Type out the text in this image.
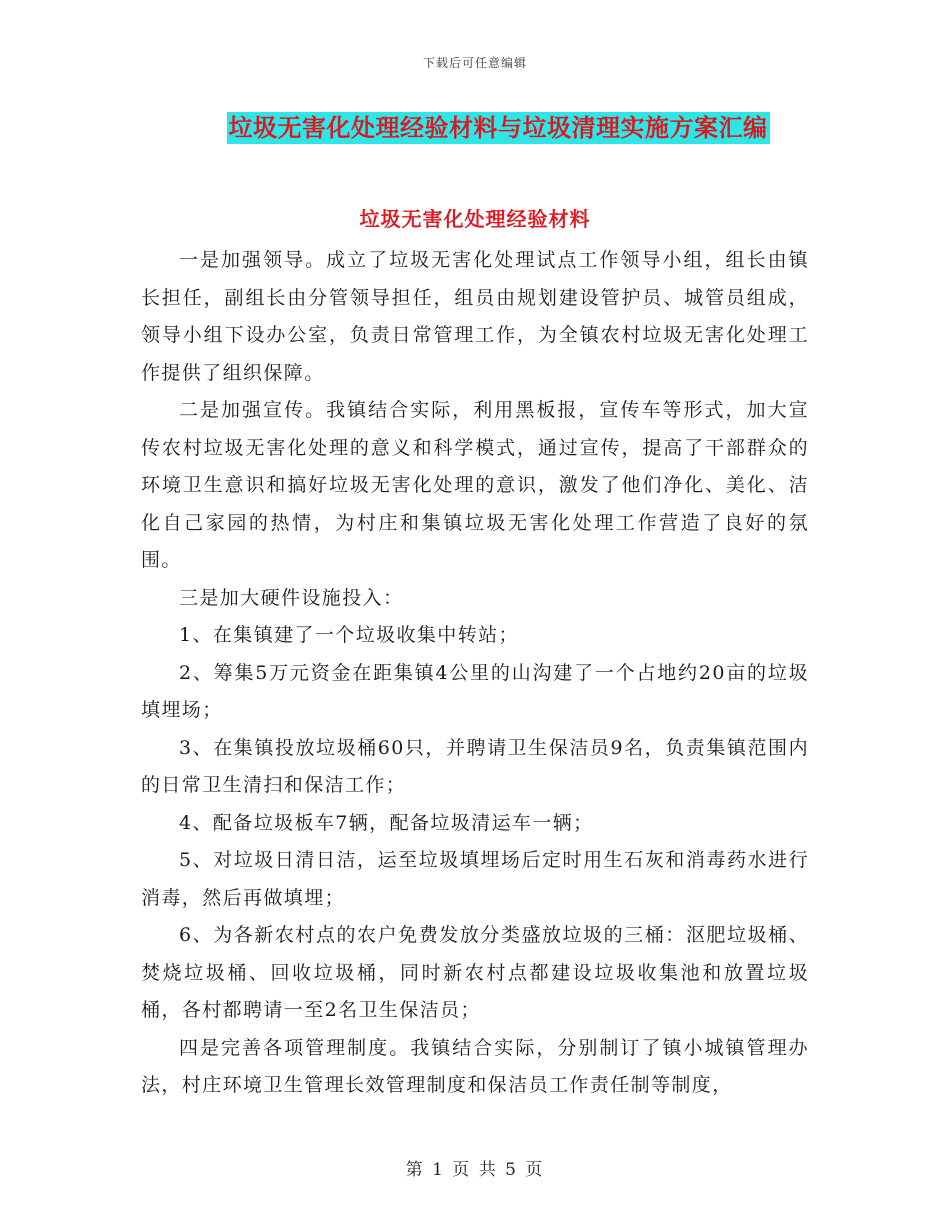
下载后可任意编辑
垃圾无害化处理经验材料与垃圾清理实施方案汇编
垃圾无害化处理经验材料

一是加强领导。成立了垃圾无害化处理试点工作领导小组，组长由镇长担任，副组长由分管领导担任，组员由规划建设管护员、城管员组成，领导小组下设办公室，负责日常管理工作，为全镇农村垃圾无害化处理工作提供了组织保障。

二是加强宣传。我镇结合实际，利用黑板报，宣传车等形式，加大宣传农村垃圾无害化处理的意义和科学模式，通过宣传，提高了干部群众的环境卫生意识和搞好垃圾无害化处理的意识，激发了他们净化、美化、洁化自己家园的热情，为村庄和集镇垃圾无害化处理工作营造了良好的氛围。

三是加大硬件设施投入：

1、在集镇建了一个垃圾收集中转站；

2、筹集5万元资金在距集镇4公里的山沟建了一个占地约20亩的垃圾填埋场；

3、在集镇投放垃圾桶60只，并聘请卫生保洁员9名，负责集镇范围内的日常卫生清扫和保洁工作；

4、配备垃圾板车7辆，配备垃圾清运车一辆；

5、对垃圾日清日洁，运至垃圾填埋场后定时用生石灰和消毒药水进行消毒，然后再做填埋；

6、为各新农村点的农户免费发放分类盛放垃圾的三桶：沤肥垃圾桶、焚烧垃圾桶、回收垃圾桶，同时新农村点都建设垃圾收集池和放置垃圾桶，各村都聘请一至2名卫生保洁员；

四是完善各项管理制度。我镇结合实际，分别制订了镇小城镇管理办法，村庄环境卫生管理长效管理制度和保洁员工作责任制等制度，

第 1 页 共 5 页
